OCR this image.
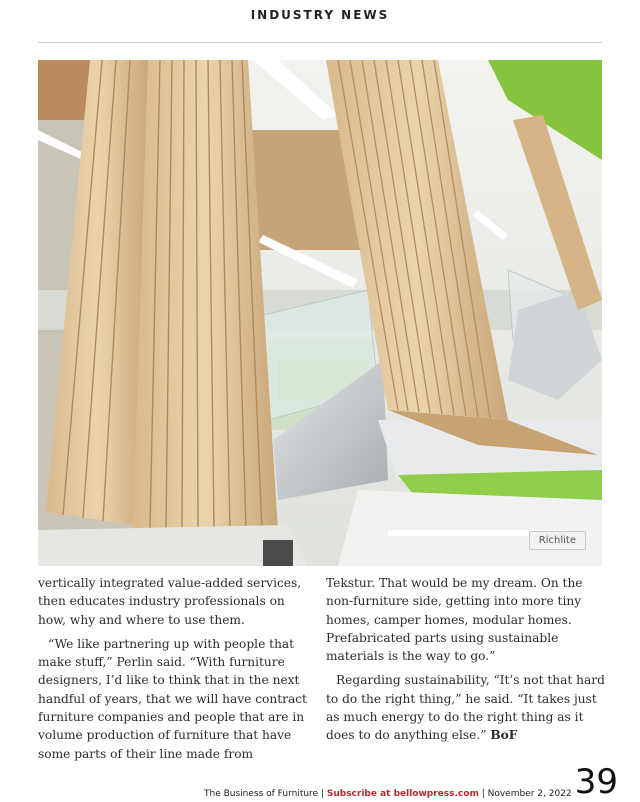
INDUSTRY NEWS
Richlite

vertically integrated value-added services, then educates industry professionals on how, why and where to use them.

“We like partnering up with people that make stuff,” Perlin said. “With furniture designers, I’d like to think that in the next handful of years, that we will have contract furniture companies and people that are in volume production of furniture that have some parts of their line made from

Tekstur. That would be my dream. On the non-furniture side, getting into more tiny homes, camper homes, modular homes. Prefabricated parts using sustainable materials is the way to go.”

Regarding sustainability, “It’s not that hard to do the right thing,” he said. “It takes just as much energy to do the right thing as it does to do anything else.” BoF

The Business of Furniture | Subscribe at bellowpress.com | November 2, 2022 39
